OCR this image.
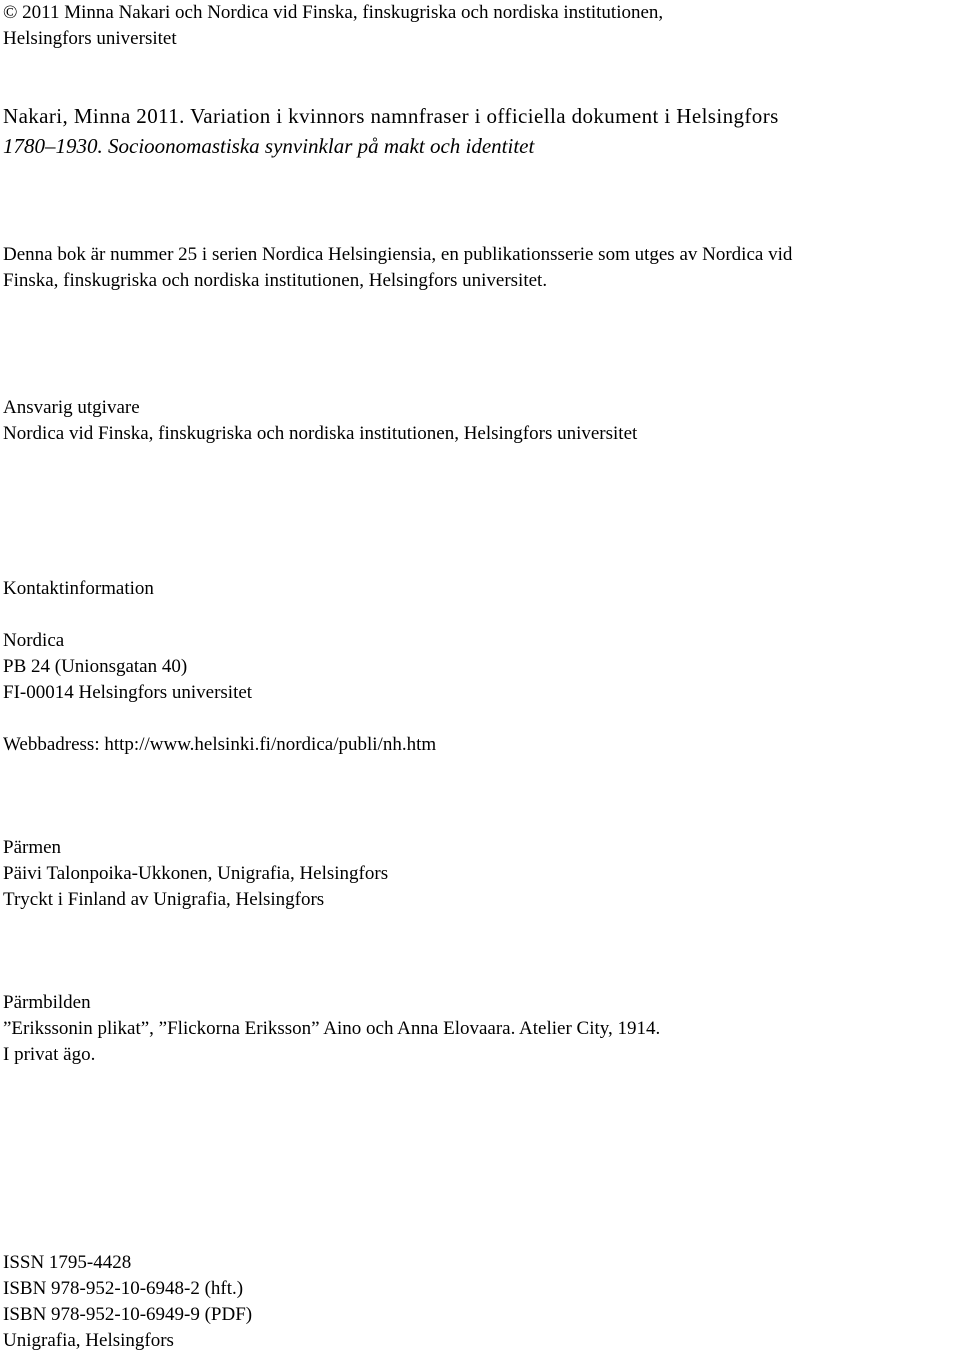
© 2011 Minna Nakari och Nordica vid Finska, finskugriska och nordiska institutionen,

Helsingfors universitet

Nakari, Minna 2011. Variation i kvinnors namnfraser i officiella dokument i Helsingfors

1780–1930. Socioonomastiska synvinklar på makt och identitet

Denna bok är nummer 25 i serien Nordica Helsingiensia, en publikationsserie som utges av Nordica vid

Finska, finskugriska och nordiska institutionen, Helsingfors universitet.

Ansvarig utgivare

Nordica vid Finska, finskugriska och nordiska institutionen, Helsingfors universitet

Kontaktinformation

Nordica

PB 24 (Unionsgatan 40)

FI-00014 Helsingfors universitet

Webbadress: http://www.helsinki.fi/nordica/publi/nh.htm

Pärmen

Päivi Talonpoika-Ukkonen, Unigrafia, Helsingfors

Tryckt i Finland av Unigrafia, Helsingfors

Pärmbilden

”Erikssonin plikat”, ”Flickorna Eriksson” Aino och Anna Elovaara. Atelier City, 1914.

I privat ägo.

ISSN 1795-4428

ISBN 978-952-10-6948-2 (hft.)

ISBN 978-952-10-6949-9 (PDF)

Unigrafia, Helsingfors
